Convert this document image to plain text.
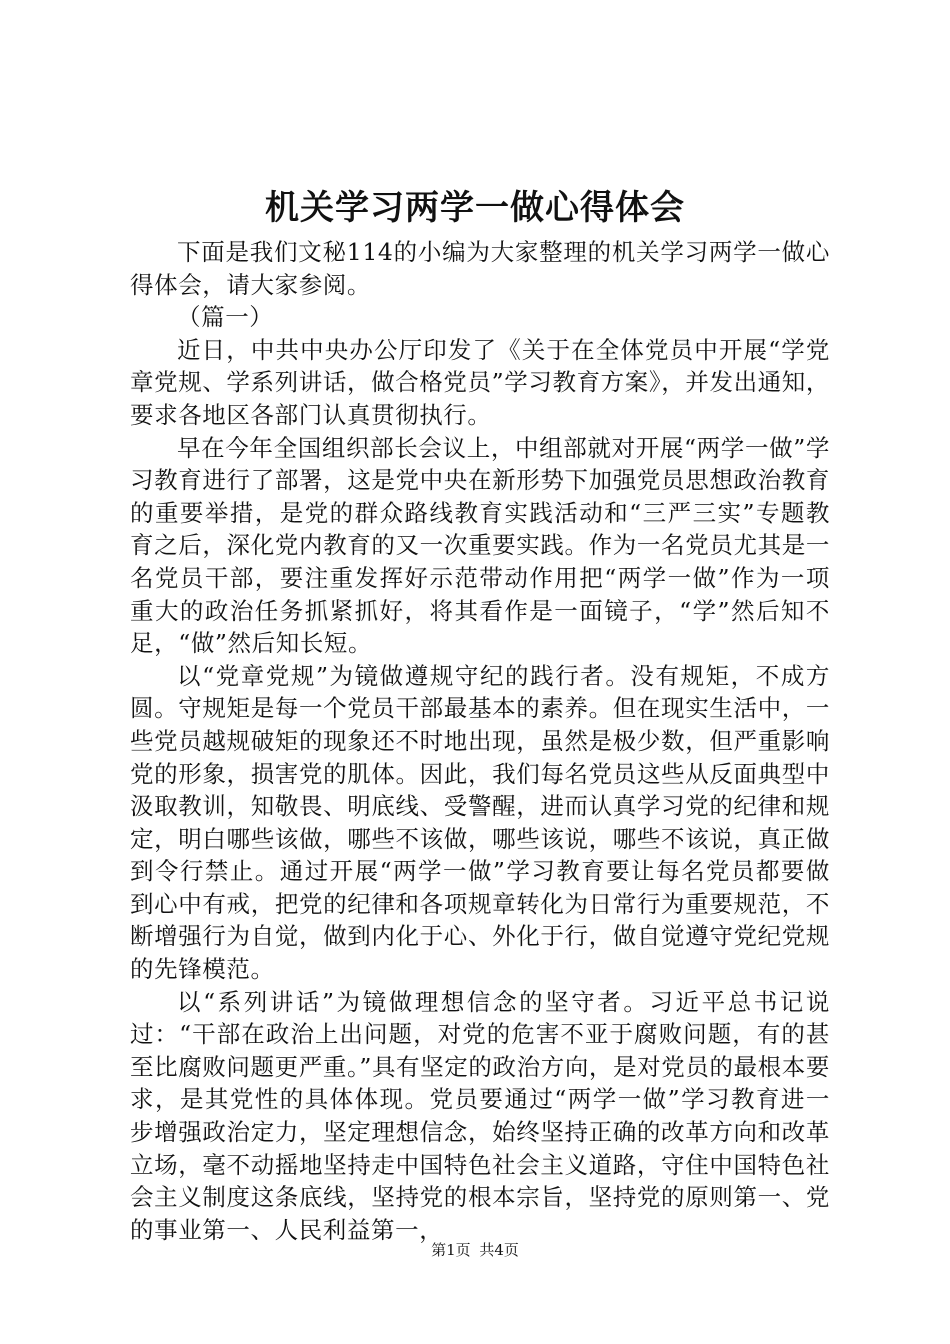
机关学习两学一做心得体会

下面是我们文秘114的小编为大家整理的机关学习两学一做心得体会，请大家参阅。

（篇一）

近日，中共中央办公厅印发了《关于在全体党员中开展“学党章党规、学系列讲话，做合格党员”学习教育方案》，并发出通知，要求各地区各部门认真贯彻执行。

早在今年全国组织部长会议上，中组部就对开展“两学一做”学习教育进行了部署，这是党中央在新形势下加强党员思想政治教育的重要举措，是党的群众路线教育实践活动和“三严三实”专题教育之后，深化党内教育的又一次重要实践。作为一名党员尤其是一名党员干部，要注重发挥好示范带动作用把“两学一做”作为一项重大的政治任务抓紧抓好，将其看作是一面镜子，“学”然后知不足，“做”然后知长短。

以“党章党规”为镜做遵规守纪的践行者。没有规矩，不成方圆。守规矩是每一个党员干部最基本的素养。但在现实生活中，一些党员越规破矩的现象还不时地出现，虽然是极少数，但严重影响党的形象，损害党的肌体。因此，我们每名党员这些从反面典型中汲取教训，知敬畏、明底线、受警醒，进而认真学习党的纪律和规定，明白哪些该做，哪些不该做，哪些该说，哪些不该说，真正做到令行禁止。通过开展“两学一做”学习教育要让每名党员都要做到心中有戒，把党的纪律和各项规章转化为日常行为重要规范，不断增强行为自觉，做到内化于心、外化于行，做自觉遵守党纪党规的先锋模范。

以“系列讲话”为镜做理想信念的坚守者。习近平总书记说过：“干部在政治上出问题，对党的危害不亚于腐败问题，有的甚至比腐败问题更严重。”具有坚定的政治方向，是对党员的最根本要求，是其党性的具体体现。党员要通过“两学一做”学习教育进一步增强政治定力，坚定理想信念，始终坚持正确的改革方向和改革立场，毫不动摇地坚持走中国特色社会主义道路，守住中国特色社会主义制度这条底线，坚持党的根本宗旨，坚持党的原则第一、党的事业第一、人民利益第一，

第1页 共4页
